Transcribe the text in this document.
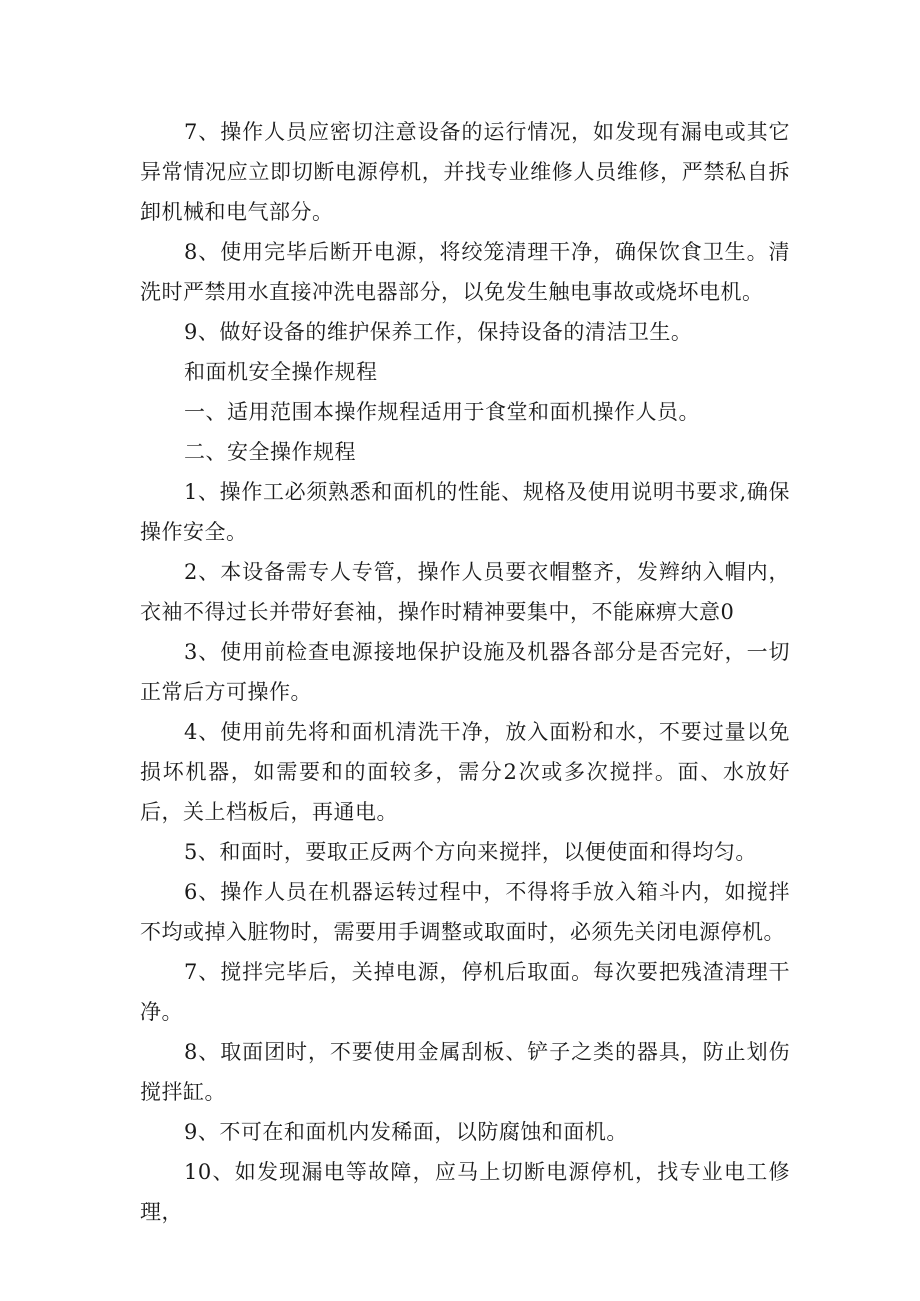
7、操作人员应密切注意设备的运行情况，如发现有漏电或其它异常情况应立即切断电源停机，并找专业维修人员维修，严禁私自拆卸机械和电气部分。

8、使用完毕后断开电源，将绞笼清理干净，确保饮食卫生。清洗时严禁用水直接冲洗电器部分，以免发生触电事故或烧坏电机。

9、做好设备的维护保养工作，保持设备的清洁卫生。

和面机安全操作规程

一、适用范围本操作规程适用于食堂和面机操作人员。

二、安全操作规程

1、操作工必须熟悉和面机的性能、规格及使用说明书要求,确保操作安全。

2、本设备需专人专管，操作人员要衣帽整齐，发辫纳入帽内，衣袖不得过长并带好套袖，操作时精神要集中，不能麻痹大意0

3、使用前检查电源接地保护设施及机器各部分是否完好，一切正常后方可操作。

4、使用前先将和面机清洗干净，放入面粉和水，不要过量以免损坏机器，如需要和的面较多，需分2次或多次搅拌。面、水放好后，关上档板后，再通电。

5、和面时，要取正反两个方向来搅拌，以便使面和得均匀。

6、操作人员在机器运转过程中，不得将手放入箱斗内，如搅拌不均或掉入脏物时，需要用手调整或取面时，必须先关闭电源停机。

7、搅拌完毕后，关掉电源，停机后取面。每次要把残渣清理干净。

8、取面团时，不要使用金属刮板、铲子之类的器具，防止划伤搅拌缸。

9、不可在和面机内发稀面，以防腐蚀和面机。

10、如发现漏电等故障，应马上切断电源停机，找专业电工修理，
